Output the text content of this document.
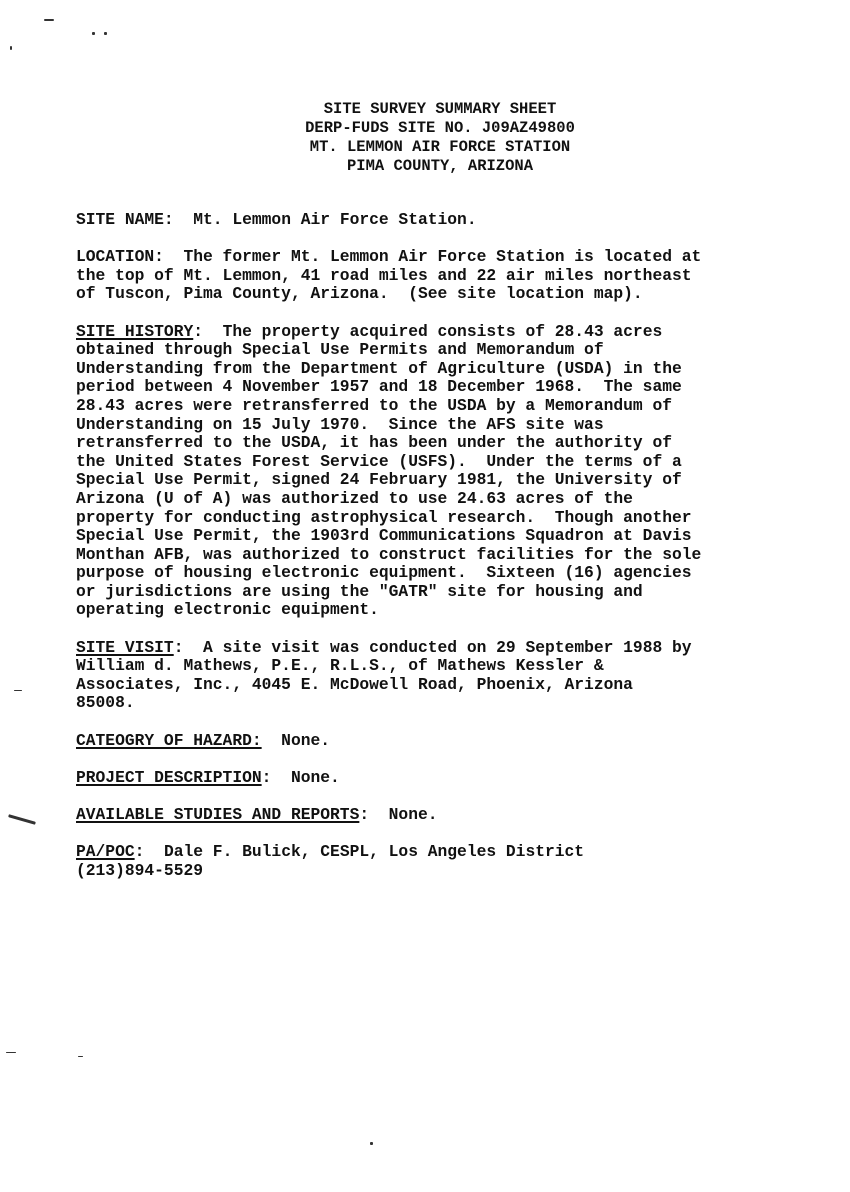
SITE SURVEY SUMMARY SHEET
DERP-FUDS SITE NO. J09AZ49800
MT. LEMMON AIR FORCE STATION
PIMA COUNTY, ARIZONA
SITE NAME:  Mt. Lemmon Air Force Station.
LOCATION:  The former Mt. Lemmon Air Force Station is located at
the top of Mt. Lemmon, 41 road miles and 22 air miles northeast
of Tuscon, Pima County, Arizona.  (See site location map).
SITE HISTORY:  The property acquired consists of 28.43 acres
obtained through Special Use Permits and Memorandum of
Understanding from the Department of Agriculture (USDA) in the
period between 4 November 1957 and 18 December 1968.  The same
28.43 acres were retransferred to the USDA by a Memorandum of
Understanding on 15 July 1970.  Since the AFS site was
retransferred to the USDA, it has been under the authority of
the United States Forest Service (USFS).  Under the terms of a
Special Use Permit, signed 24 February 1981, the University of
Arizona (U of A) was authorized to use 24.63 acres of the
property for conducting astrophysical research.  Though another
Special Use Permit, the 1903rd Communications Squadron at Davis
Monthan AFB, was authorized to construct facilities for the sole
purpose of housing electronic equipment.  Sixteen (16) agencies
or jurisdictions are using the "GATR" site for housing and
operating electronic equipment.
SITE VISIT:  A site visit was conducted on 29 September 1988 by
William d. Mathews, P.E., R.L.S., of Mathews Kessler &
Associates, Inc., 4045 E. McDowell Road, Phoenix, Arizona
85008.
CATEOGRY OF HAZARD:  None.
PROJECT DESCRIPTION:  None.
AVAILABLE STUDIES AND REPORTS:  None.
PA/POC:  Dale F. Bulick, CESPL, Los Angeles District
(213)894-5529
